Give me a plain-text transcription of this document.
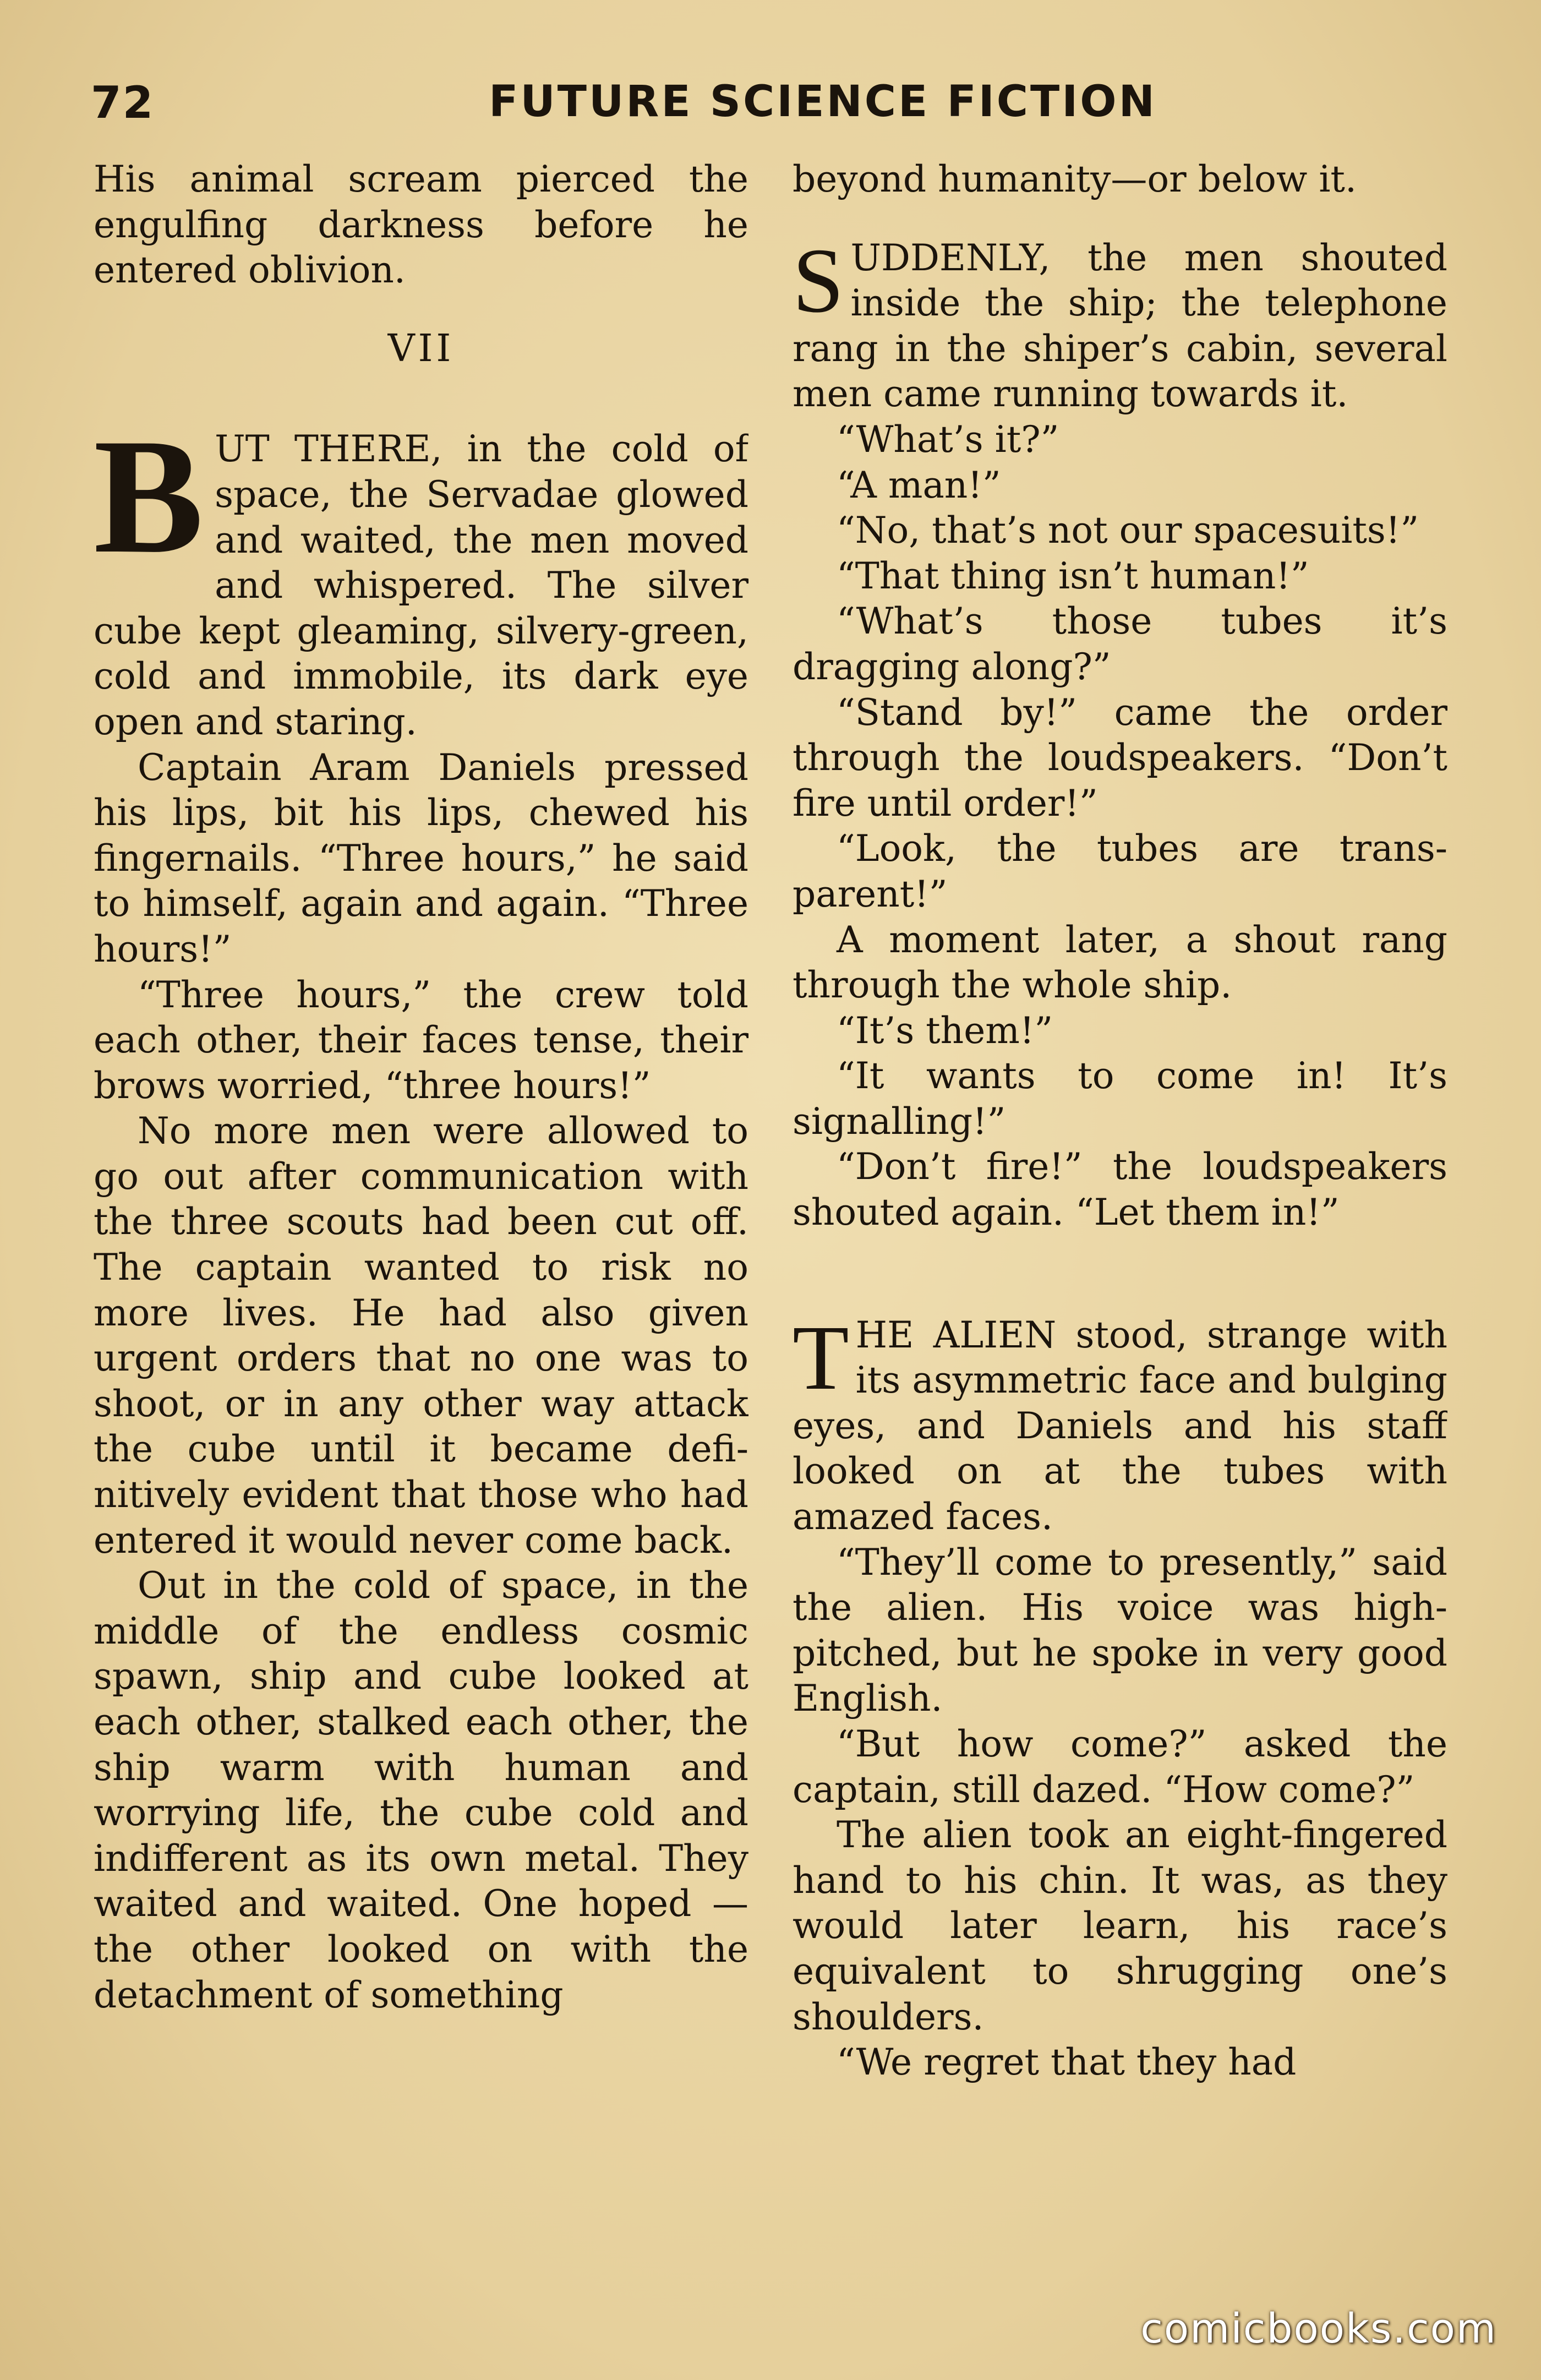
72	FUTURE SCIENCE FICTION

His animal scream pierced the engulfing darkness before he entered oblivion.

VII

BUT THERE, in the cold of space, the Servadae glowed and waited, the men moved and whispered. The silver cube kept gleaming, silvery-green, cold and immobile, its dark eye open and staring.

Captain Aram Daniels pressed his lips, bit his lips, chewed his fingernails. “Three hours,” he said to himself, again and again. “Three hours!”

“Three hours,” the crew told each other, their faces tense, their brows worried, “three hours!”

No more men were allowed to go out after communication with the three scouts had been cut off. The captain wanted to risk no more lives. He had also given urgent orders that no one was to shoot, or in any other way attack the cube until it became definitively evident that those who had entered it would never come back.

Out in the cold of space, in the middle of the endless cosmic spawn, ship and cube looked at each other, stalked each other, the ship warm with human and worrying life, the cube cold and indifferent as its own metal. They waited and waited. One hoped —the other looked on with the detachment of something

beyond humanity—or below it.

SUDDENLY, the men shouted inside the ship; the telephone rang in the shiper’s cabin, several men came running towards it.

“What’s it?”

“A man!”

“No, that’s not our spacesuits!”

“That thing isn’t human!”

“What’s those tubes it’s dragging along?”

“Stand by!” came the order through the loudspeakers. “Don’t fire until order!”

“Look, the tubes are transparent!”

A moment later, a shout rang through the whole ship.

“It’s them!”

“It wants to come in! It’s signalling!”

“Don’t fire!” the loudspeakers shouted again. “Let them in!”

THE ALIEN stood, strange with its asymmetric face and bulging eyes, and Daniels and his staff looked on at the tubes with amazed faces.

“They’ll come to presently,” said the alien. His voice was high-pitched, but he spoke in very good English.

“But how come?” asked the captain, still dazed. “How come?”

The alien took an eight-fingered hand to his chin. It was, as they would later learn, his race’s equivalent to shrugging one’s shoulders.

“We regret that they had

comicbooks.com
